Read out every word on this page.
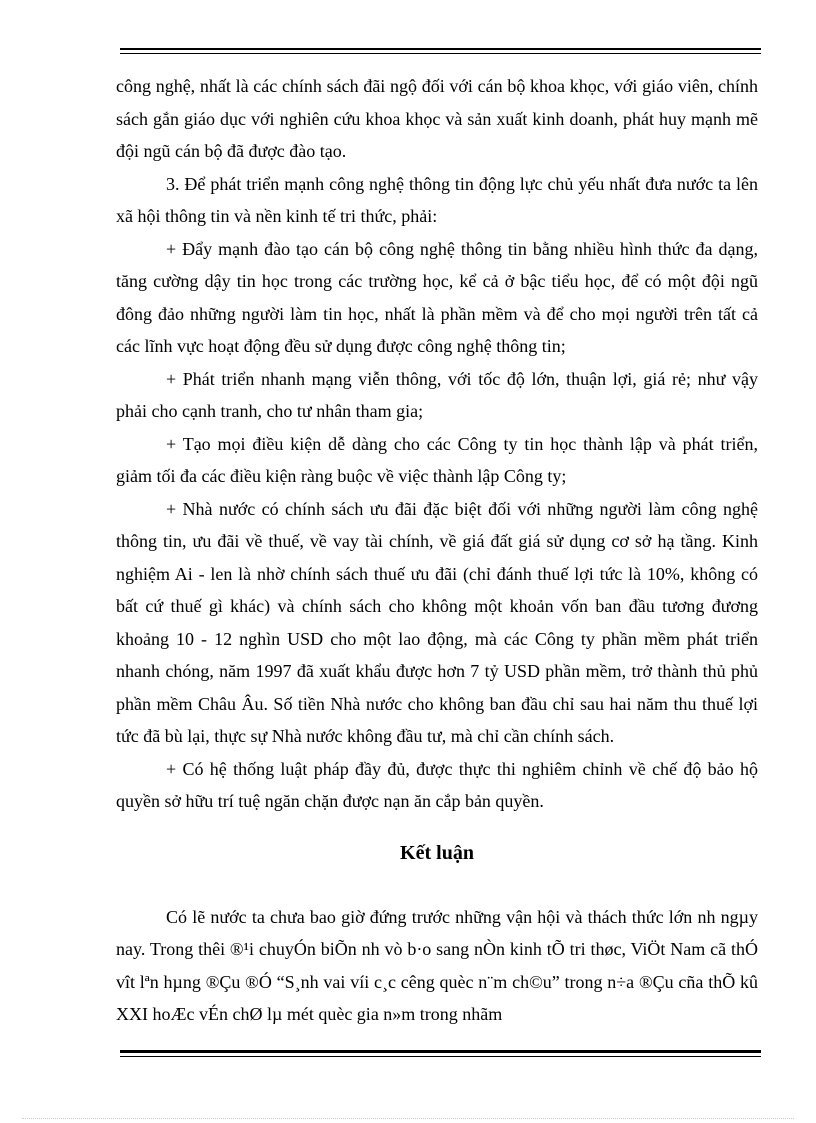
công nghệ, nhất là các chính sách đãi ngộ đối với cán bộ khoa khọc, với giáo viên, chính sách gắn giáo dục với nghiên cứu khoa khọc và sản xuất kinh doanh, phát huy mạnh mẽ đội ngũ cán bộ đã được đào tạo.

3. Để phát triển mạnh công nghệ thông tin động lực chủ yếu nhất đưa nước ta lên xã hội thông tin và nền kinh tế tri thức, phải:

+ Đẩy mạnh đào tạo cán bộ công nghệ thông tin bằng nhiều hình thức đa dạng, tăng cường dậy tin học trong các trường học, kể cả ở bậc tiểu học, để có một đội ngũ đông đảo những người làm tin học, nhất là phần mềm và để cho mọi người trên tất cả các lĩnh vực hoạt động đều sử dụng được công nghệ thông tin;

+ Phát triển nhanh mạng viễn thông, với tốc độ lớn, thuận lợi, giá rẻ; như vậy phải cho cạnh tranh, cho tư nhân tham gia;

+ Tạo mọi điều kiện dễ dàng cho các Công ty tin học thành lập và phát triển, giảm tối đa các điều kiện ràng buộc về việc thành lập Công ty;

+ Nhà nước có chính sách ưu đãi đặc biệt đối với những người làm công nghệ thông tin, ưu đãi về thuế, về vay tài chính, về giá đất giá sử dụng cơ sở hạ tầng. Kinh nghiệm Ai - len là nhờ chính sách thuế ưu đãi (chỉ đánh thuế lợi tức là 10%, không có bất cứ thuế gì khác) và chính sách cho không một khoản vốn ban đầu tương đương khoảng 10 - 12 nghìn USD cho một lao động, mà các Công ty phần mềm phát triển nhanh chóng, năm 1997 đã xuất khẩu được hơn 7 tỷ USD phần mềm, trở thành thủ phủ phần mềm Châu Âu. Số tiền Nhà nước cho không ban đầu chỉ sau hai năm thu thuế lợi tức đã bù lại, thực sự Nhà nước không đầu tư, mà chỉ cần chính sách.

+ Có hệ thống luật pháp đầy đủ, được thực thi nghiêm chỉnh về chế độ bảo hộ quyền sở hữu trí tuệ ngăn chặn được nạn ăn cắp bản quyền.

Kết luận

Có lẽ nước ta chưa bao giờ đứng trước những vận hội và thách thức lớn nh ngµy nay. Trong thêi ®¹i chuyÓn biÕn nh vò b·o sang nÒn kinh tÕ tri thøc, ViÖt Nam cã thÓ vît lªn hµng ®Çu ®Ó “S¸nh vai víi c¸c cêng quèc n¨m ch©u” trong n÷a ®Çu cña thÕ kû XXI hoÆc vÉn chØ lµ mét quèc gia n»m trong nhãm
